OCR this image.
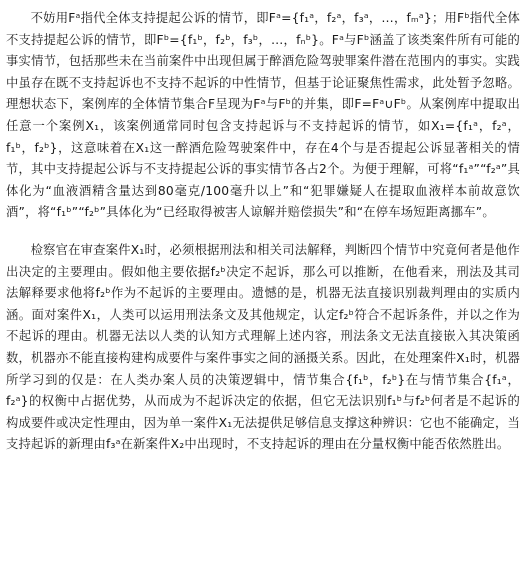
不妨用Fᵃ指代全体支持提起公诉的情节，即Fᵃ={f₁ᵃ，f₂ᵃ，f₃ᵃ，…，fₘᵃ}；用Fᵇ指代全体不支持提起公诉的情节，即Fᵇ={f₁ᵇ，f₂ᵇ，f₃ᵇ，…，fₙᵇ}。Fᵃ与Fᵇ涵盖了该类案件所有可能的事实情节，包括那些未在当前案件中出现但属于醉酒危险驾驶罪案件潜在范围内的事实。实践中虽存在既不支持起诉也不支持不起诉的中性情节，但基于论证聚焦性需求，此处暂予忽略。理想状态下，案例库的全体情节集合F呈现为Fᵃ与Fᵇ的并集，即F=Fᵃ∪Fᵇ。从案例库中提取出任意一个案例X₁，该案例通常同时包含支持起诉与不支持起诉的情节，如X₁={f₁ᵃ，f₂ᵃ，f₁ᵇ，f₂ᵇ}，这意味着在X₁这一醉酒危险驾驶案件中，存在4个与是否提起公诉显著相关的情节，其中支持提起公诉与不支持提起公诉的事实情节各占2个。为便于理解，可将“f₁ᵃ”“f₂ᵃ”具体化为“血液酒精含量达到80毫克/100毫升以上”和“犯罪嫌疑人在提取血液样本前故意饮酒”，将“f₁ᵇ”“f₂ᵇ”具体化为“已经取得被害人谅解并赔偿损失”和“在停车场短距离挪车”。

检察官在审查案件X₁时，必须根据刑法和相关司法解释，判断四个情节中究竟何者是他作出决定的主要理由。假如他主要依据f₂ᵇ决定不起诉，那么可以推断，在他看来，刑法及其司法解释要求他将f₂ᵇ作为不起诉的主要理由。遗憾的是，机器无法直接识别裁判理由的实质内涵。面对案件X₁，人类可以运用刑法条文及其他规定，认定f₂ᵇ符合不起诉条件，并以之作为不起诉的理由。机器无法以人类的认知方式理解上述内容，刑法条文无法直接嵌入其决策函数，机器亦不能直接构建构成要件与案件事实之间的涵摄关系。因此，在处理案件X₁时，机器所学习到的仅是：在人类办案人员的决策逻辑中，情节集合{f₁ᵇ，f₂ᵇ}在与情节集合{f₁ᵃ，f₂ᵃ}的权衡中占据优势，从而成为不起诉决定的依据，但它无法识别f₁ᵇ与f₂ᵇ何者是不起诉的构成要件或决定性理由，因为单一案件X₁无法提供足够信息支撑这种辨识：它也不能确定，当支持起诉的新理由f₃ᵃ在新案件X₂中出现时，不支持起诉的理由在分量权衡中能否依然胜出。
